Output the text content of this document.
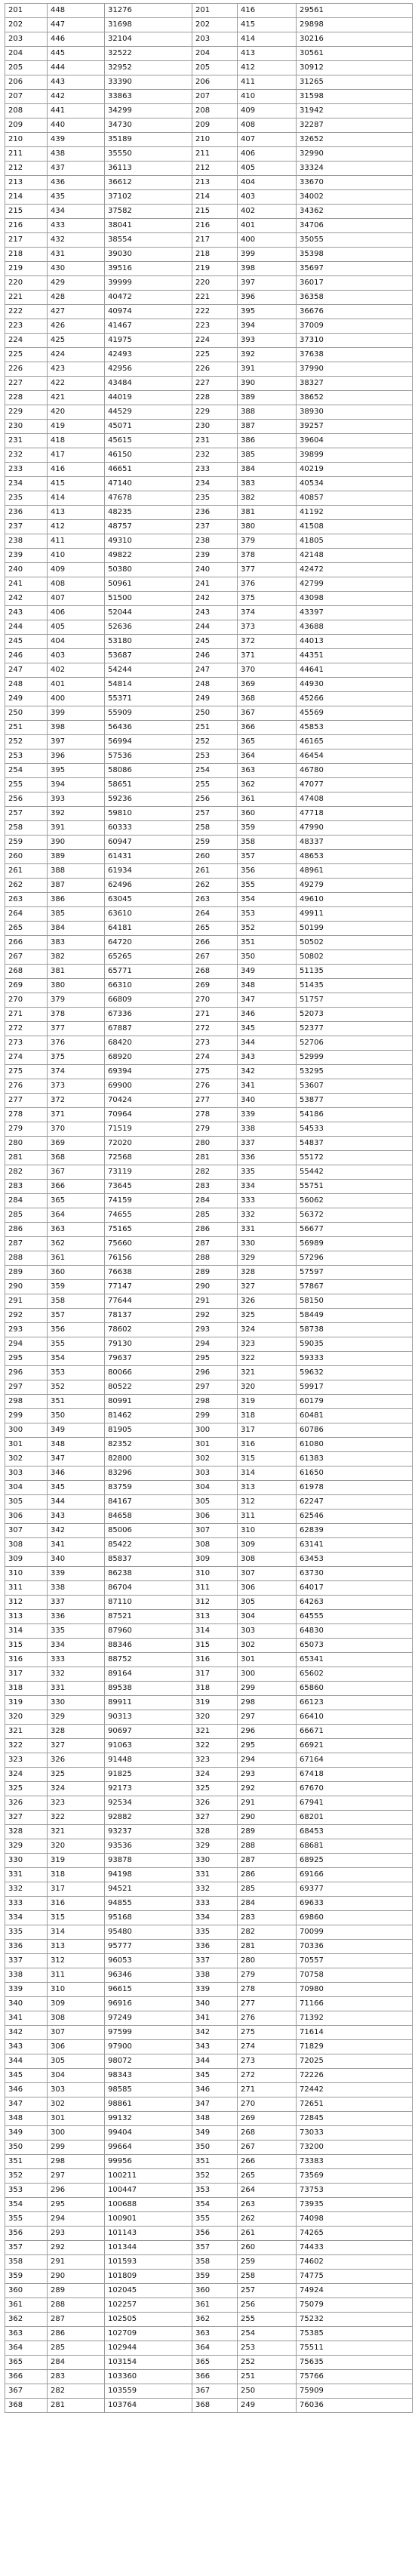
201	448	31276	201	416	29561
202	447	31698	202	415	29898
203	446	32104	203	414	30216
204	445	32522	204	413	30561
205	444	32952	205	412	30912
206	443	33390	206	411	31265
207	442	33863	207	410	31598
208	441	34299	208	409	31942
209	440	34730	209	408	32287
210	439	35189	210	407	32652
211	438	35550	211	406	32990
212	437	36113	212	405	33324
213	436	36612	213	404	33670
214	435	37102	214	403	34002
215	434	37582	215	402	34362
216	433	38041	216	401	34706
217	432	38554	217	400	35055
218	431	39030	218	399	35398
219	430	39516	219	398	35697
220	429	39999	220	397	36017
221	428	40472	221	396	36358
222	427	40974	222	395	36676
223	426	41467	223	394	37009
224	425	41975	224	393	37310
225	424	42493	225	392	37638
226	423	42956	226	391	37990
227	422	43484	227	390	38327
228	421	44019	228	389	38652
229	420	44529	229	388	38930
230	419	45071	230	387	39257
231	418	45615	231	386	39604
232	417	46150	232	385	39899
233	416	46651	233	384	40219
234	415	47140	234	383	40534
235	414	47678	235	382	40857
236	413	48235	236	381	41192
237	412	48757	237	380	41508
238	411	49310	238	379	41805
239	410	49822	239	378	42148
240	409	50380	240	377	42472
241	408	50961	241	376	42799
242	407	51500	242	375	43098
243	406	52044	243	374	43397
244	405	52636	244	373	43688
245	404	53180	245	372	44013
246	403	53687	246	371	44351
247	402	54244	247	370	44641
248	401	54814	248	369	44930
249	400	55371	249	368	45266
250	399	55909	250	367	45569
251	398	56436	251	366	45853
252	397	56994	252	365	46165
253	396	57536	253	364	46454
254	395	58086	254	363	46780
255	394	58651	255	362	47077
256	393	59236	256	361	47408
257	392	59810	257	360	47718
258	391	60333	258	359	47990
259	390	60947	259	358	48337
260	389	61431	260	357	48653
261	388	61934	261	356	48961
262	387	62496	262	355	49279
263	386	63045	263	354	49610
264	385	63610	264	353	49911
265	384	64181	265	352	50199
266	383	64720	266	351	50502
267	382	65265	267	350	50802
268	381	65771	268	349	51135
269	380	66310	269	348	51435
270	379	66809	270	347	51757
271	378	67336	271	346	52073
272	377	67887	272	345	52377
273	376	68420	273	344	52706
274	375	68920	274	343	52999
275	374	69394	275	342	53295
276	373	69900	276	341	53607
277	372	70424	277	340	53877
278	371	70964	278	339	54186
279	370	71519	279	338	54533
280	369	72020	280	337	54837
281	368	72568	281	336	55172
282	367	73119	282	335	55442
283	366	73645	283	334	55751
284	365	74159	284	333	56062
285	364	74655	285	332	56372
286	363	75165	286	331	56677
287	362	75660	287	330	56989
288	361	76156	288	329	57296
289	360	76638	289	328	57597
290	359	77147	290	327	57867
291	358	77644	291	326	58150
292	357	78137	292	325	58449
293	356	78602	293	324	58738
294	355	79130	294	323	59035
295	354	79637	295	322	59333
296	353	80066	296	321	59632
297	352	80522	297	320	59917
298	351	80991	298	319	60179
299	350	81462	299	318	60481
300	349	81905	300	317	60786
301	348	82352	301	316	61080
302	347	82800	302	315	61383
303	346	83296	303	314	61650
304	345	83759	304	313	61978
305	344	84167	305	312	62247
306	343	84658	306	311	62546
307	342	85006	307	310	62839
308	341	85422	308	309	63141
309	340	85837	309	308	63453
310	339	86238	310	307	63730
311	338	86704	311	306	64017
312	337	87110	312	305	64263
313	336	87521	313	304	64555
314	335	87960	314	303	64830
315	334	88346	315	302	65073
316	333	88752	316	301	65341
317	332	89164	317	300	65602
318	331	89538	318	299	65860
319	330	89911	319	298	66123
320	329	90313	320	297	66410
321	328	90697	321	296	66671
322	327	91063	322	295	66921
323	326	91448	323	294	67164
324	325	91825	324	293	67418
325	324	92173	325	292	67670
326	323	92534	326	291	67941
327	322	92882	327	290	68201
328	321	93237	328	289	68453
329	320	93536	329	288	68681
330	319	93878	330	287	68925
331	318	94198	331	286	69166
332	317	94521	332	285	69377
333	316	94855	333	284	69633
334	315	95168	334	283	69860
335	314	95480	335	282	70099
336	313	95777	336	281	70336
337	312	96053	337	280	70557
338	311	96346	338	279	70758
339	310	96615	339	278	70980
340	309	96916	340	277	71166
341	308	97249	341	276	71392
342	307	97599	342	275	71614
343	306	97900	343	274	71829
344	305	98072	344	273	72025
345	304	98343	345	272	72226
346	303	98585	346	271	72442
347	302	98861	347	270	72651
348	301	99132	348	269	72845
349	300	99404	349	268	73033
350	299	99664	350	267	73200
351	298	99956	351	266	73383
352	297	100211	352	265	73569
353	296	100447	353	264	73753
354	295	100688	354	263	73935
355	294	100901	355	262	74098
356	293	101143	356	261	74265
357	292	101344	357	260	74433
358	291	101593	358	259	74602
359	290	101809	359	258	74775
360	289	102045	360	257	74924
361	288	102257	361	256	75079
362	287	102505	362	255	75232
363	286	102709	363	254	75385
364	285	102944	364	253	75511
365	284	103154	365	252	75635
366	283	103360	366	251	75766
367	282	103559	367	250	75909
368	281	103764	368	249	76036
